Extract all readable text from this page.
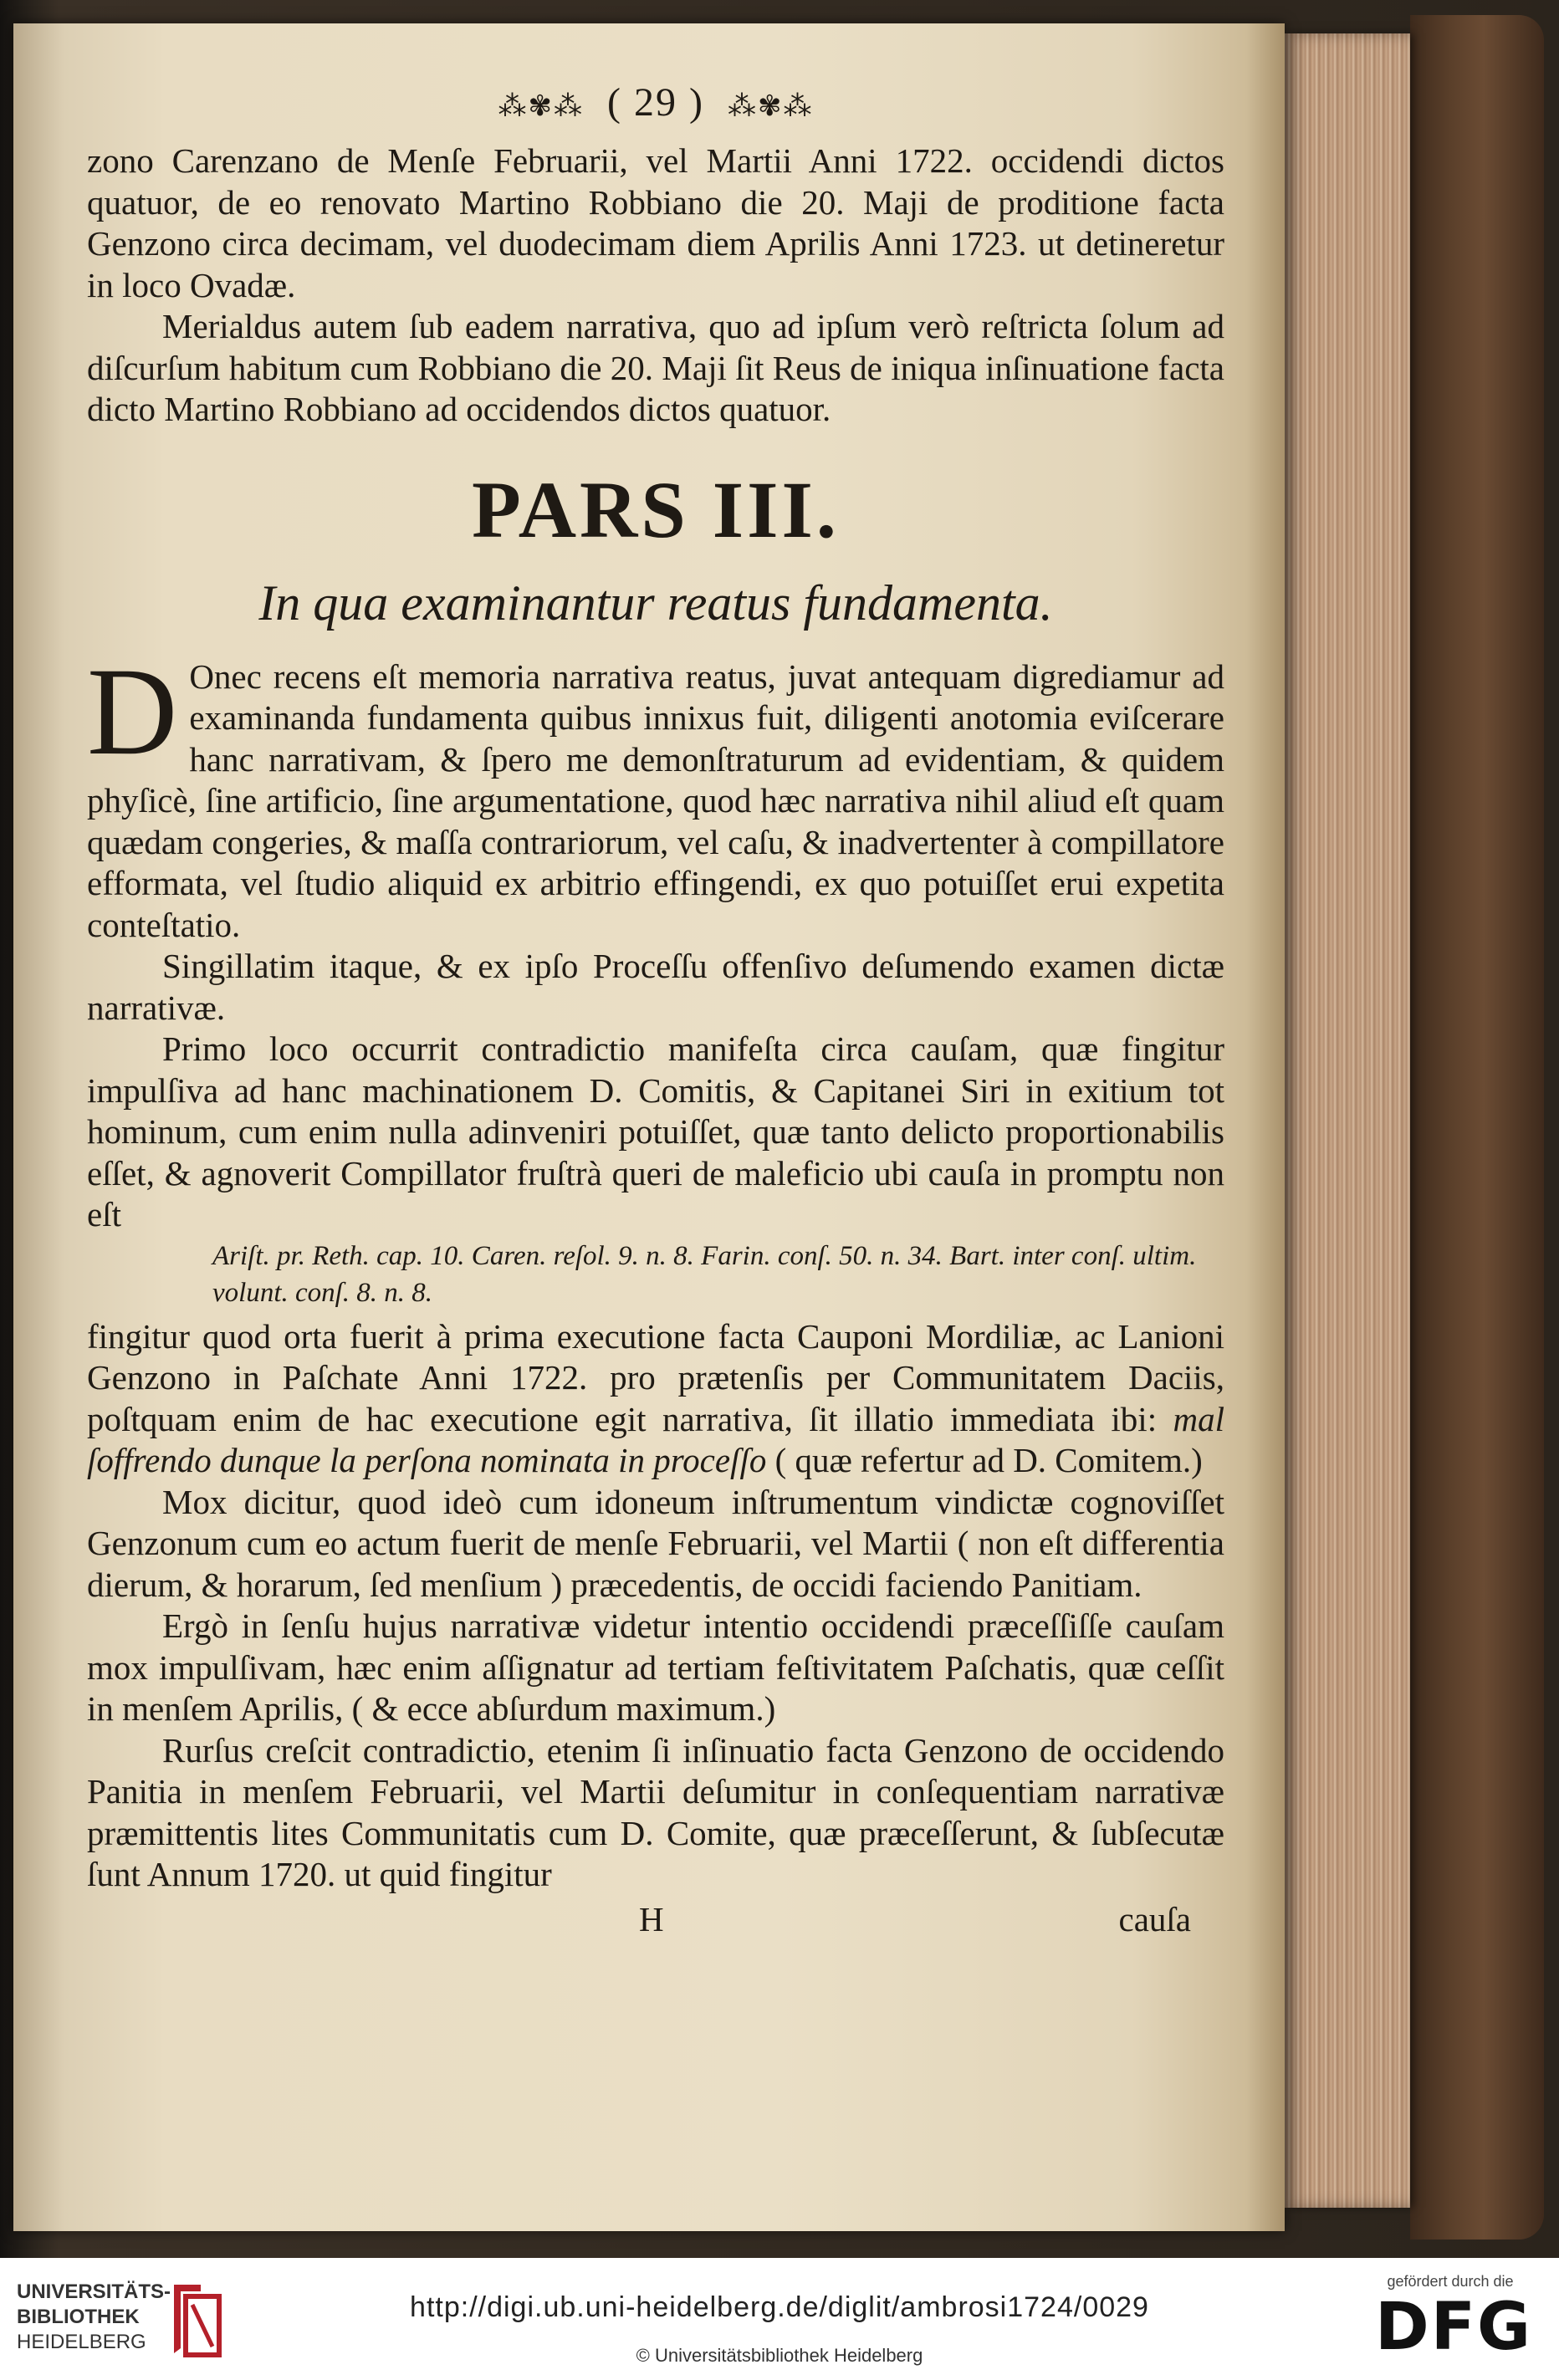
⁂✾⁂ ( 29 ) ⁂✾⁂

zono Carenzano de Menſe Februarii, vel Martii Anni 1722. occidendi dictos quatuor, de eo renovato Martino Robbiano die 20. Maji de proditione facta Genzono circa decimam, vel duodecimam diem Aprilis Anni 1723. ut detineretur in loco Ovadæ.

Merialdus autem ſub eadem narrativa, quo ad ipſum verò reſtricta ſolum ad diſcurſum habitum cum Robbiano die 20. Maji ſit Reus de iniqua inſinuatione facta dicto Martino Robbiano ad occidendos dictos quatuor.

PARS III.
In qua examinantur reatus fundamenta.
D Onec recens eſt memoria narrativa reatus, juvat antequam digrediamur ad examinanda fundamenta quibus innixus fuit, diligenti anotomia eviſcerare hanc narrativam, & ſpero me demonſtraturum ad evidentiam, & quidem phyſicè, ſine artificio, ſine argumentatione, quod hæc narrativa nihil aliud eſt quam quædam congeries, & maſſa contrariorum, vel caſu, & inadvertenter à compillatore efformata, vel ſtudio aliquid ex arbitrio effingendi, ex quo potuiſſet erui expetita conteſtatio.

Singillatim itaque, & ex ipſo Proceſſu offenſivo deſumendo examen dictæ narrativæ.

Primo loco occurrit contradictio manifeſta circa cauſam, quæ fingitur impulſiva ad hanc machinationem D. Comitis, & Capitanei Siri in exitium tot hominum, cum enim nulla adinveniri potuiſſet, quæ tanto delicto proportionabilis eſſet, & agnoverit Compillator fruſtrà queri de maleficio ubi cauſa in promptu non eſt

Ariſt. pr. Reth. cap. 10. Caren. reſol. 9. n. 8. Farin. conſ. 50. n. 34. Bart. inter conſ. ultim. volunt. conſ. 8. n. 8.

fingitur quod orta fuerit à prima executione facta Cauponi Mordiliæ, ac Lanioni Genzono in Paſchate Anni 1722. pro prætenſis per Communitatem Daciis, poſtquam enim de hac executione egit narrativa, ſit illatio immediata ibi: mal ſoffrendo dunque la perſona nominata in proceſſo ( quæ refertur ad D. Comitem.)

Mox dicitur, quod ideò cum idoneum inſtrumentum vindictæ cognoviſſet Genzonum cum eo actum fuerit de menſe Februarii, vel Martii ( non eſt differentia dierum, & horarum, ſed menſium ) præcedentis, de occidi faciendo Panitiam.

Ergò in ſenſu hujus narrativæ videtur intentio occidendi præceſſiſſe cauſam mox impulſivam, hæc enim aſſignatur ad tertiam feſtivitatem Paſchatis, quæ ceſſit in menſem Aprilis, ( & ecce abſurdum maximum.)

Rurſus creſcit contradictio, etenim ſi inſinuatio facta Genzono de occidendo Panitia in menſem Februarii, vel Martii deſumitur in conſequentiam narrativæ præmittentis lites Communitatis cum D. Comite, quæ præceſſerunt, & ſubſecutæ ſunt Annum 1720. ut quid fingitur

H	cauſa
UNIVERSITÄTS-
BIBLIOTHEK
HEIDELBERG
http://digi.ub.uni-heidelberg.de/diglit/ambrosi1724/0029
© Universitätsbibliothek Heidelberg
gefördert durch die
DFG
